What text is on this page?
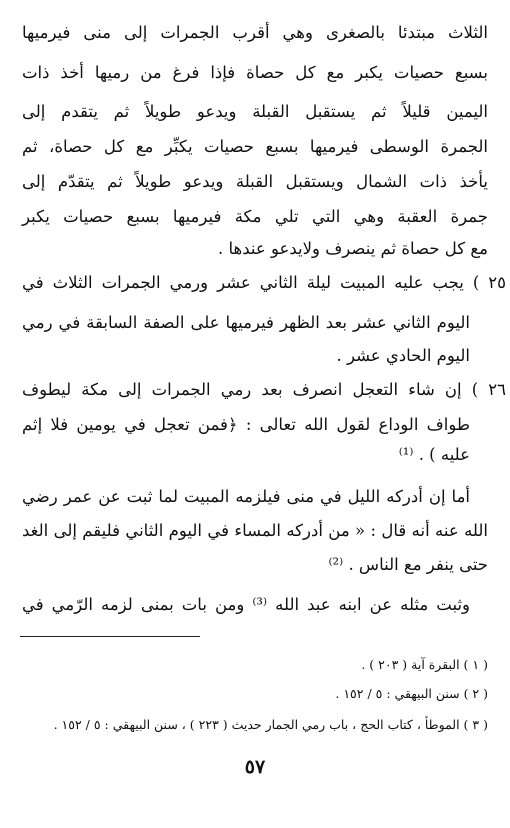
الثلاث مبتدئا بالصغرى وهي أقرب الجمرات إلى منى فيرميها

بسبع حصيات يكبر مع كل حصاة فإذا فرغ من رميها أخذ ذات

اليمين قليلاً ثم يستقبل القبلة ويدعو طويلاً ثم يتقدم إلى

الجمرة الوسطى فيرميها بسبع حصيات يكبِّر مع كل حصاة، ثم

يأخذ ذات الشمال ويستقبل القبلة ويدعو طويلاً ثم يتقدّم إلى

جمرة العقبة وهي التي تلي مكة فيرميها بسبع حصيات يكبر

مع كل حصاة ثم ينصرف ولايدعو عندها .

٢٥ ) يجب عليه المبيت ليلة الثاني عشر ورمي الجمرات الثلاث في

اليوم الثاني عشر بعد الظهر فيرميها على الصفة السابقة في رمي

اليوم الحادي عشر .

٢٦ ) إن شاء التعجل انصرف بعد رمي الجمرات إلى مكة ليطوف

طواف الوداع لقول الله تعالى : ﴿فمن تعجل في يومين فلا إثم

عليه ) . ⁽¹⁾

أما إن أدركه الليل في منى فيلزمه المبيت لما ثبت عن عمر رضي

الله عنه أنه قال : « من أدركه المساء في اليوم الثاني فليقم إلى الغد

حتى ينفر مع الناس . ⁽²⁾

وثبت مثله عن ابنه عبد الله ⁽³⁾ ومن بات بمنى لزمه الرّمي في

( ١ ) البقرة آية ( ٢٠٣ ) .
( ٢ ) سنن البيهقي : ٥ / ١٥٢ .
( ٣ ) الموطأ ، كتاب الحج ، باب رمي الجمار حديث ( ٢٢٣ ) ، سنن البيهقي : ٥ / ١٥٢ .
٥٧
